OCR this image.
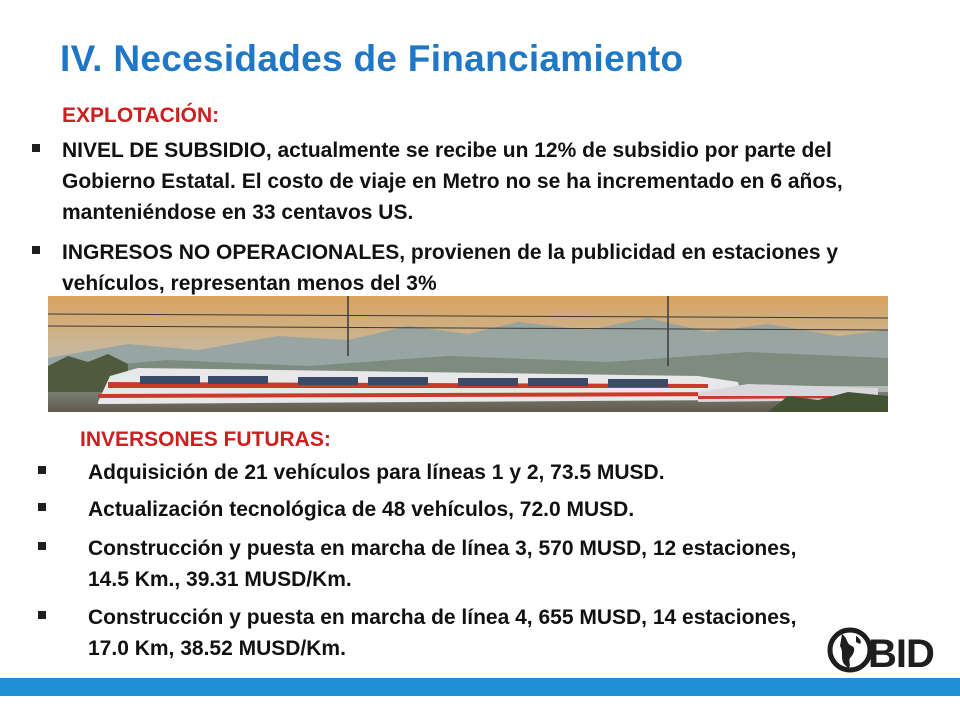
IV. Necesidades de Financiamiento
EXPLOTACIÓN:
NIVEL DE SUBSIDIO, actualmente se recibe un 12% de subsidio por parte del Gobierno Estatal. El costo de viaje en Metro no se ha incrementado en 6 años, manteniéndose en 33 centavos US.
INGRESOS NO OPERACIONALES, provienen de la publicidad en estaciones y vehículos, representan menos del 3%
INVERSONES FUTURAS:
Adquisición de 21 vehículos para líneas 1 y 2, 73.5 MUSD.
Actualización tecnológica de 48 vehículos, 72.0 MUSD.
Construcción y puesta en marcha de línea 3, 570 MUSD, 12 estaciones, 14.5 Km., 39.31 MUSD/Km.
Construcción y puesta en marcha de línea 4, 655 MUSD, 14 estaciones, 17.0 Km, 38.52 MUSD/Km.	BID
